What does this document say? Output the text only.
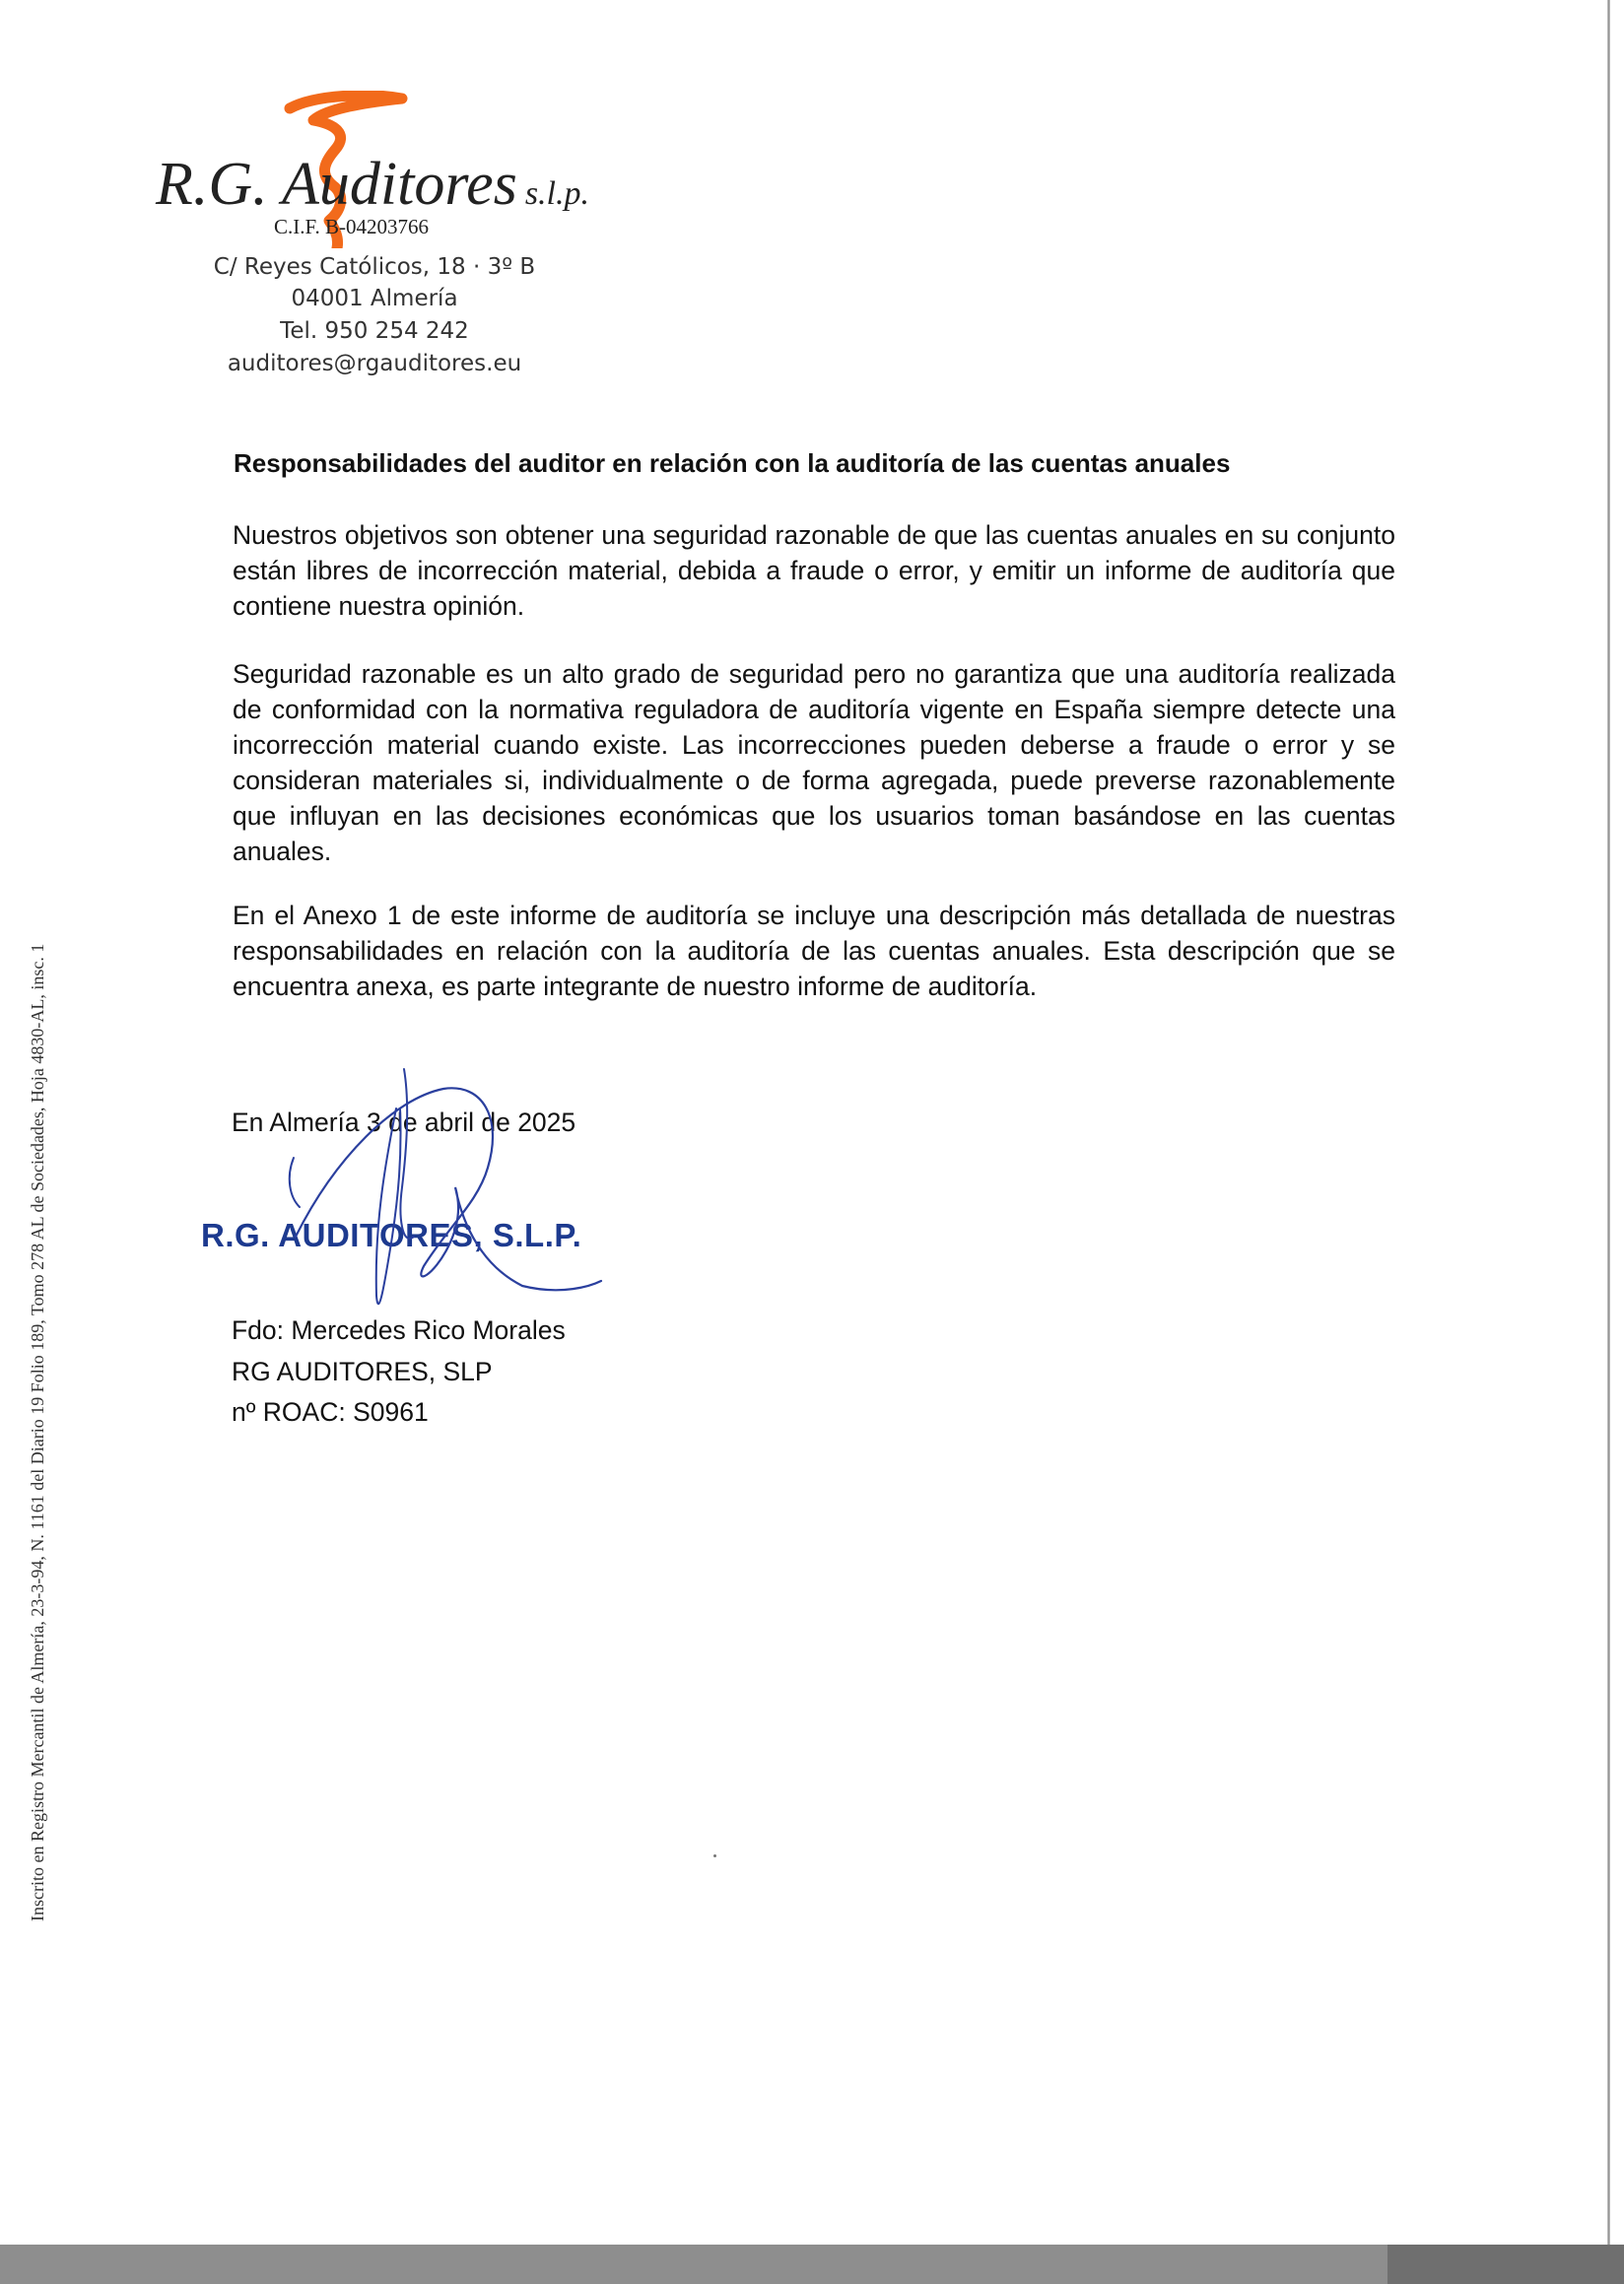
R.G. Auditores s.l.p.
C.I.F. B-04203766
C/ Reyes Católicos, 18 · 3º B
04001 Almería
Tel. 950 254 242
auditores@rgauditores.eu
Responsabilidades del auditor en relación con la auditoría de las cuentas anuales

Nuestros objetivos son obtener una seguridad razonable de que las cuentas anuales en su conjunto están libres de incorrección material, debida a fraude o error, y emitir un informe de auditoría que contiene nuestra opinión.

Seguridad razonable es un alto grado de seguridad pero no garantiza que una auditoría realizada de conformidad con la normativa reguladora de auditoría vigente en España siempre detecte una incorrección material cuando existe. Las incorrecciones pueden deberse a fraude o error y se consideran materiales si, individualmente o de forma agregada, puede preverse razonablemente que influyan en las decisiones económicas que los usuarios toman basándose en las cuentas anuales.

En el Anexo 1 de este informe de auditoría se incluye una descripción más detallada de nuestras responsabilidades en relación con la auditoría de las cuentas anuales. Esta descripción que se encuentra anexa, es parte integrante de nuestro informe de auditoría.

En Almería 3 de abril de 2025
R.G. AUDITORES, S.L.P.
Fdo: Mercedes Rico Morales
RG AUDITORES, SLP
nº ROAC: S0961
Inscrito en Registro Mercantil de Almería, 23-3-94, N. 1161 del Diario 19 Folio 189, Tomo 278 AL de Sociedades, Hoja 4830-AL, insc. 1
